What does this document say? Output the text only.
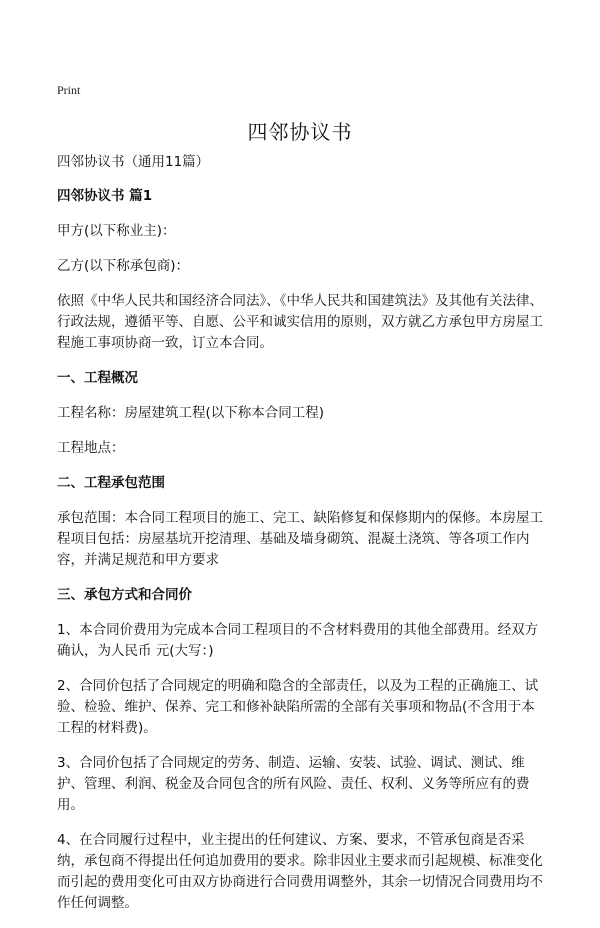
Print
四邻协议书
四邻协议书（通用11篇）
四邻协议书 篇1
甲方(以下称业主)：
乙方(以下称承包商)：
依照《中华人民共和国经济合同法》、《中华人民共和国建筑法》及其他有关法律、行政法规，遵循平等、自愿、公平和诚实信用的原则，双方就乙方承包甲方房屋工程施工事项协商一致，订立本合同。
一、工程概况
工程名称：房屋建筑工程(以下称本合同工程)
工程地点：
二、工程承包范围
承包范围：本合同工程项目的施工、完工、缺陷修复和保修期内的保修。本房屋工程项目包括：房屋基坑开挖清理、基础及墙身砌筑、混凝土浇筑、等各项工作内容，并满足规范和甲方要求
三、承包方式和合同价
1、本合同价费用为完成本合同工程项目的不含材料费用的其他全部费用。经双方确认，为人民币 元(大写：)
2、合同价包括了合同规定的明确和隐含的全部责任，以及为工程的正确施工、试验、检验、维护、保养、完工和修补缺陷所需的全部有关事项和物品(不含用于本工程的材料费)。
3、合同价包括了合同规定的劳务、制造、运输、安装、试验、调试、测试、维护、管理、利润、税金及合同包含的所有风险、责任、权利、义务等所应有的费用。
4、在合同履行过程中，业主提出的任何建议、方案、要求，不管承包商是否采纳，承包商不得提出任何追加费用的要求。除非因业主要求而引起规模、标准变化而引起的费用变化可由双方协商进行合同费用调整外，其余一切情况合同费用均不作任何调整。
